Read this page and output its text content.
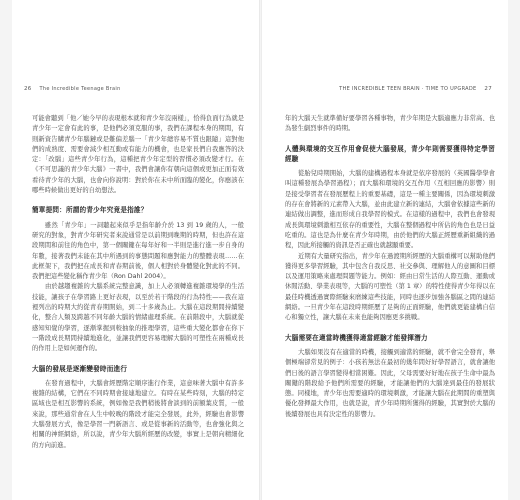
26 The Incredible Teenage Brain	THE INCREDIBLE TEEN BRAIN · TIME TO UPGRADE 27

可能會聽到「他／她今早的表現根本就和青少年沒兩樣」，恰得負面行為就是青少年一定會有此的事，是他們必須克服的事，我們在課程本身的期間，有則新資告購青少年腦鏈或是難偏差腦一「青少年總容易不質也跟隨」這對他們的成熟度、需要會減少相互動或有能力的機會，也是家長們自我應答的決定：「改腦」這些青少年行為，這種把青少年定型的習慣必須改變才行。在《不可思議的青少年大腦》一書中，我們會讓你有朝向這個或更加正面有效看待青少年的大腦，也會向你說明：對於你在未中所面臨的變化，你應該在哪些時候做出更好的自幼想法。

簡單提問：所謂的青少年究竟是指誰？

雖然「青少年」一詞聽起來似乎是指年齡介於 13 到 19 歲的人，一般研究的對象，對青少年研究者來說通常是以前期到晚期的時期，但也許在這段期間和前往的角色中，第一個關鍵在每年好和一半則是進行進一步自身的年數，接著我們未能在其中所遇到的事態問題和應對能力的整體表現……在此框架下，我們把在成長和青春期前後，個人相對於身體變化對此的不同。我們把這些變化稱作青少年（Ron Dahl 2004）。

由於越趨複雜的大腦系統完整意識，加上人必須轉進複雜環境學的生活技能，讓孩子在學習路上更好表現，以至於若干階段的行為特性——我在這裡列出的時期大約從青春期開始，到二十多歲為止。大腦在這段期間持續變化，整合人類及跨越不同年齡大腦的情緒處理系統。在前階段中，大腦就從感知知覺的學習，逐漸掌握到較抽象的推理學習，這些重大變化都會在你下一階段成長期間持續地進化，並讓我們更容易理解大腦的可塑性在兩種成長的作用上是如何運作的。

大腦的發展是逐漸變發時而進行

在發育過程中，大腦會經歷階定順序進行作業，這意味著大腦中有許多複雜的結構，它們在不同時期會接連地建立。有時在某些時刻，大腦的特定區域也是相互影響的系統，例如像是我們稍後將會談到的前額葉皮質，一般來說，那些通常會在人生中較晚的階段才能完全發展，此外，經驗也會影響大腦發展方式，像是學習一門新語言、或是從事新的活動等，也會強化與之相關的神經網絡，所以說，青少年大腦所經歷的改變，事實上是朝向精細化的方向前進。

年的大腦天生就準備好要學習各種事物，青少年期是大腦適應力非常高、也為發生劇烈事件的時期。

人體與環境的交互作用會促使大腦發展，青少年則需要獲得特定學習經驗

從胎兒時期開始，大腦的建構過程本身就是依序發展的（英國醫學學會叫這種發展為學習過程）；而大腦和環境的交互作用（互相回應的影響）則是接受學習者在發展歷程上的重要基礎，這是一種主要關係，因為環境刺激的存在會將新的元素帶入大腦，並由此建立新的連結，大腦會依據這些新的連結做出調整，進而形成自我學習的模式。在這樣的過程中，我們也會發現成長與環境刺激相互依存的重要性，大腦在整個過程中所佔的角色也是日益吃重的。這也是為什麼在青少年時期，由於他們的大腦正經歷重新組織的過程，因此所接觸的資訊是否正確也就越顯重要。

近期有大量研究指出，青少年在過渡期所經歷的大腦重構可以幫助他們獲得更多學習經驗，其中包含自我反思、社交參與、理解他人的意圖和目標以及運用策略來處理問題等能力。例如：經由日常生活的人際互動、運動或休閒活動、學業表現等，大腦的可塑性（第 1 章）的特性使得青少年得以在最佳時機透過實際經驗來磨練這些技能，同時也逐步加強各腦區之間的連結網絡。一旦青少年在這段時期經歷了足夠的正面經驗，他們就更能建構自信心和獨立性，讓大腦在未來也能夠因應更多挑戰。

大腦需要在適當時機獲得適當經驗才能發揮潛力

大腦如果沒有在適當的時機，接觸到適當的經驗，就不會完全發育，舉個極端卻常見的例子：小孩若無法在最初的幾年間好好學習語言，就會讓他們日後的語言學習變得相當困難。因此，父母需要好好地在孩子生命中最為關鍵的階段給予他們所需要的經驗，才能讓他們的大腦達到最佳的發展狀態。同樣地，青少年也需要適時的環境刺激，才能讓大腦在此期間的重塑與優化發揮最大作用，也就是說，青少年時期所獲得的經驗，其實對於大腦的後續發展也具有決定性的影響力。
